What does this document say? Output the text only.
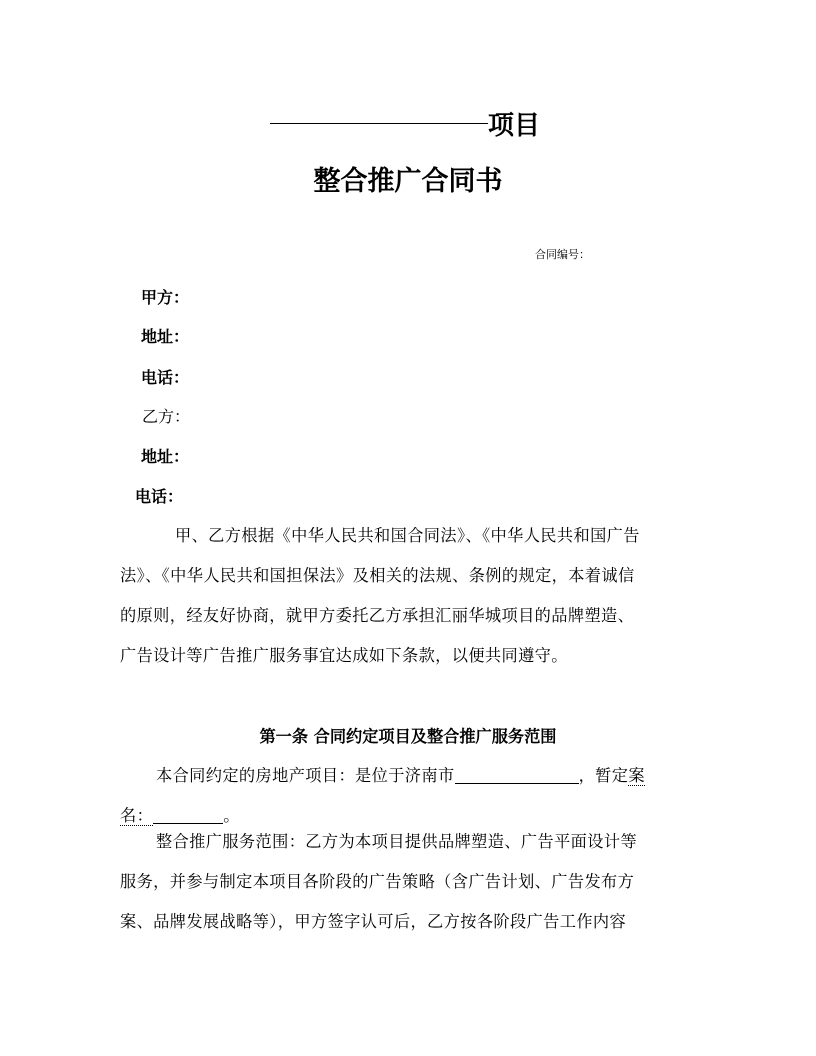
项目
整合推广合同书
合同编号：
甲方：
地址：
电话：
乙方：
地址：
电话：
甲、乙方根据《中华人民共和国合同法》、《中华人民共和国广告
法》、《中华人民共和国担保法》及相关的法规、条例的规定，本着诚信
的原则，经友好协商，就甲方委托乙方承担汇丽华城项目的品牌塑造、
广告设计等广告推广服务事宜达成如下条款，以便共同遵守。
第一条 合同约定项目及整合推广服务范围
本合同约定的房地产项目：是位于济南市	，暂定案
名：	。
整合推广服务范围：乙方为本项目提供品牌塑造、广告平面设计等
服务，并参与制定本项目各阶段的广告策略（含广告计划、广告发布方
案、品牌发展战略等），甲方签字认可后，乙方按各阶段广告工作内容
